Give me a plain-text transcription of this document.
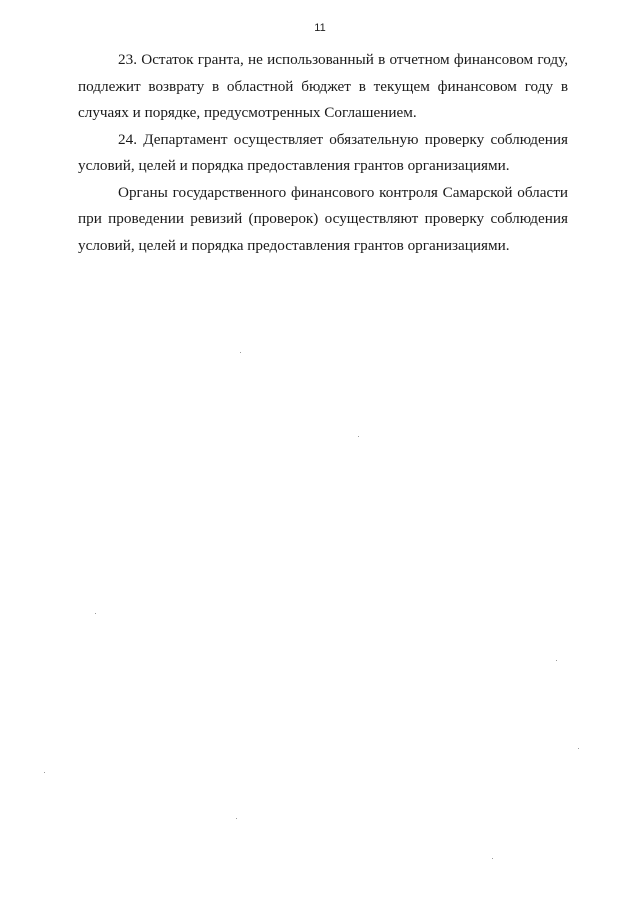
11

23. Остаток гранта, не использованный в отчетном финансовом году, подлежит возврату в областной бюджет в текущем финансовом году в случаях и порядке, предусмотренных Соглашением.

24. Департамент осуществляет обязательную проверку соблюдения условий, целей и порядка предоставления грантов организациями.

Органы государственного финансового контроля Самарской области при проведении ревизий (проверок) осуществляют проверку соблюдения условий, целей и порядка предоставления грантов организациями.
